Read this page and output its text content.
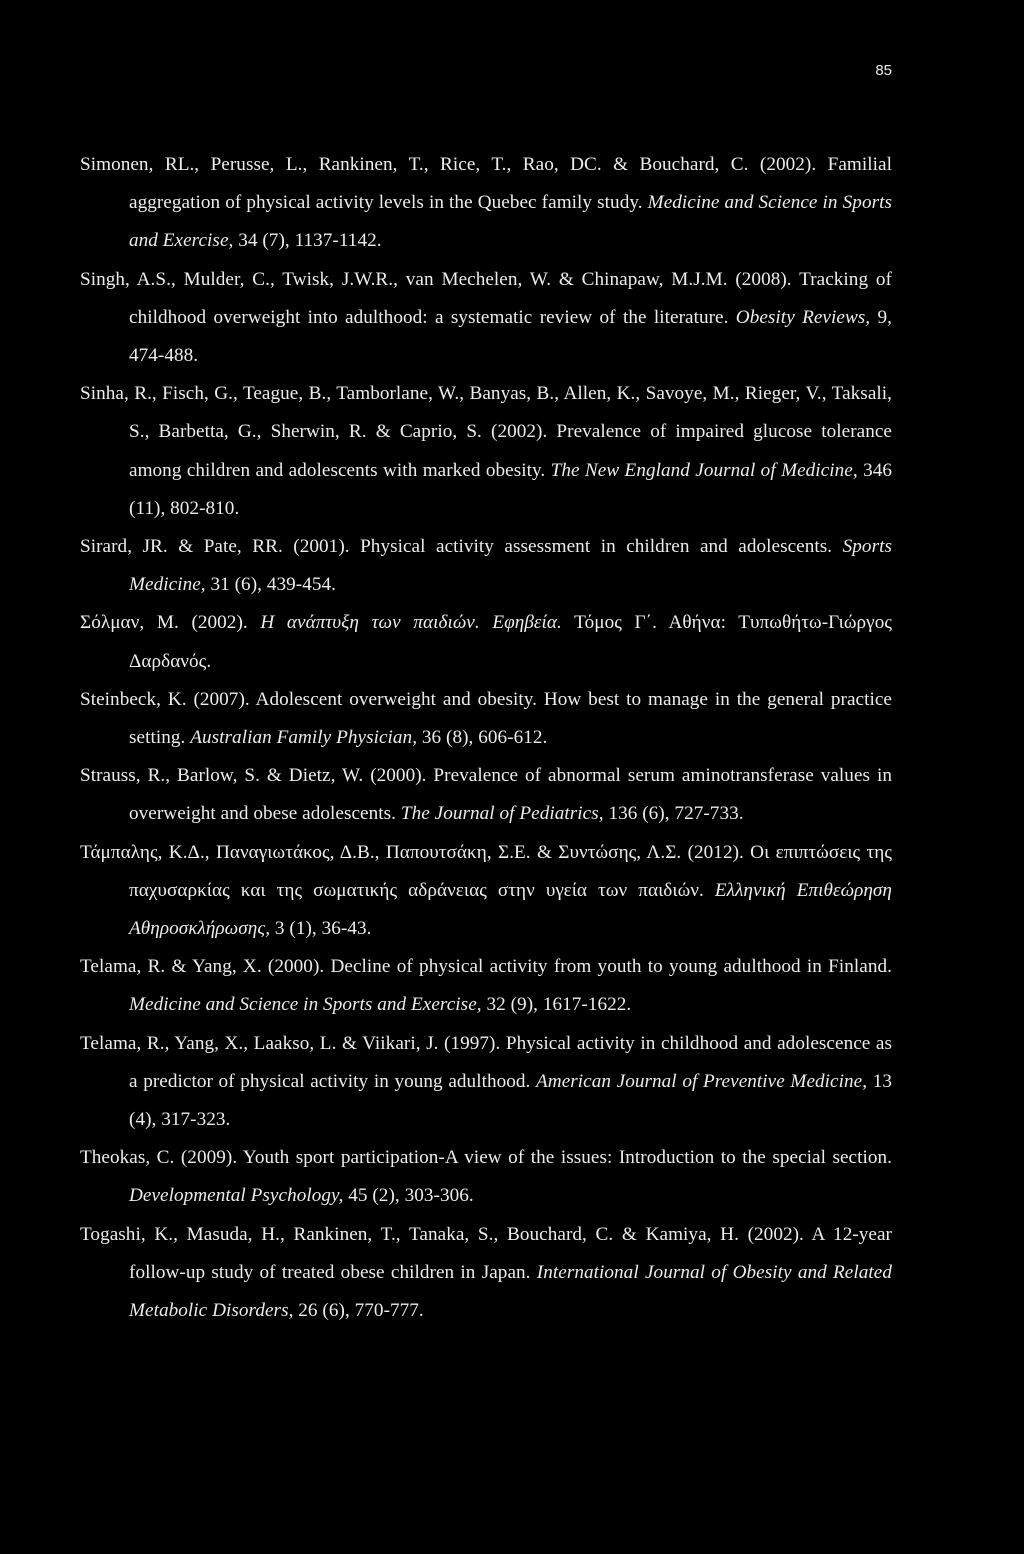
85

Simonen, RL., Perusse, L., Rankinen, T., Rice, T., Rao, DC. & Bouchard, C. (2002). Familial aggregation of physical activity levels in the Quebec family study. Medicine and Science in Sports and Exercise, 34 (7), 1137-1142.

Singh, A.S., Mulder, C., Twisk, J.W.R., van Mechelen, W. & Chinapaw, M.J.M. (2008). Tracking of childhood overweight into adulthood: a systematic review of the literature. Obesity Reviews, 9, 474-488.

Sinha, R., Fisch, G., Teague, B., Tamborlane, W., Banyas, B., Allen, K., Savoye, M., Rieger, V., Taksali, S., Barbetta, G., Sherwin, R. & Caprio, S. (2002). Prevalence of impaired glucose tolerance among children and adolescents with marked obesity. The New England Journal of Medicine, 346 (11), 802-810.

Sirard, JR. & Pate, RR. (2001). Physical activity assessment in children and adolescents. Sports Medicine, 31 (6), 439-454.

Σόλμαν, Μ. (2002). Η ανάπτυξη των παιδιών. Εφηβεία. Τόμος Γ΄. Αθήνα: Τυπωθήτω-Γιώργος Δαρδανός.

Steinbeck, K. (2007). Adolescent overweight and obesity. How best to manage in the general practice setting. Australian Family Physician, 36 (8), 606-612.

Strauss, R., Barlow, S. & Dietz, W. (2000). Prevalence of abnormal serum aminotransferase values in overweight and obese adolescents. The Journal of Pediatrics, 136 (6), 727-733.

Τάμπαλης, Κ.Δ., Παναγιωτάκος, Δ.Β., Παπουτσάκη, Σ.Ε. & Συντώσης, Λ.Σ. (2012). Οι επιπτώσεις της παχυσαρκίας και της σωματικής αδράνειας στην υγεία των παιδιών. Ελληνική Επιθεώρηση Αθηροσκλήρωσης, 3 (1), 36-43.

Telama, R. & Yang, X. (2000). Decline of physical activity from youth to young adulthood in Finland. Medicine and Science in Sports and Exercise, 32 (9), 1617-1622.

Telama, R., Yang, X., Laakso, L. & Viikari, J. (1997). Physical activity in childhood and adolescence as a predictor of physical activity in young adulthood. American Journal of Preventive Medicine, 13 (4), 317-323.

Theokas, C. (2009). Youth sport participation-A view of the issues: Introduction to the special section. Developmental Psychology, 45 (2), 303-306.

Togashi, K., Masuda, H., Rankinen, T., Tanaka, S., Bouchard, C. & Kamiya, H. (2002). A 12-year follow-up study of treated obese children in Japan. International Journal of Obesity and Related Metabolic Disorders, 26 (6), 770-777.
